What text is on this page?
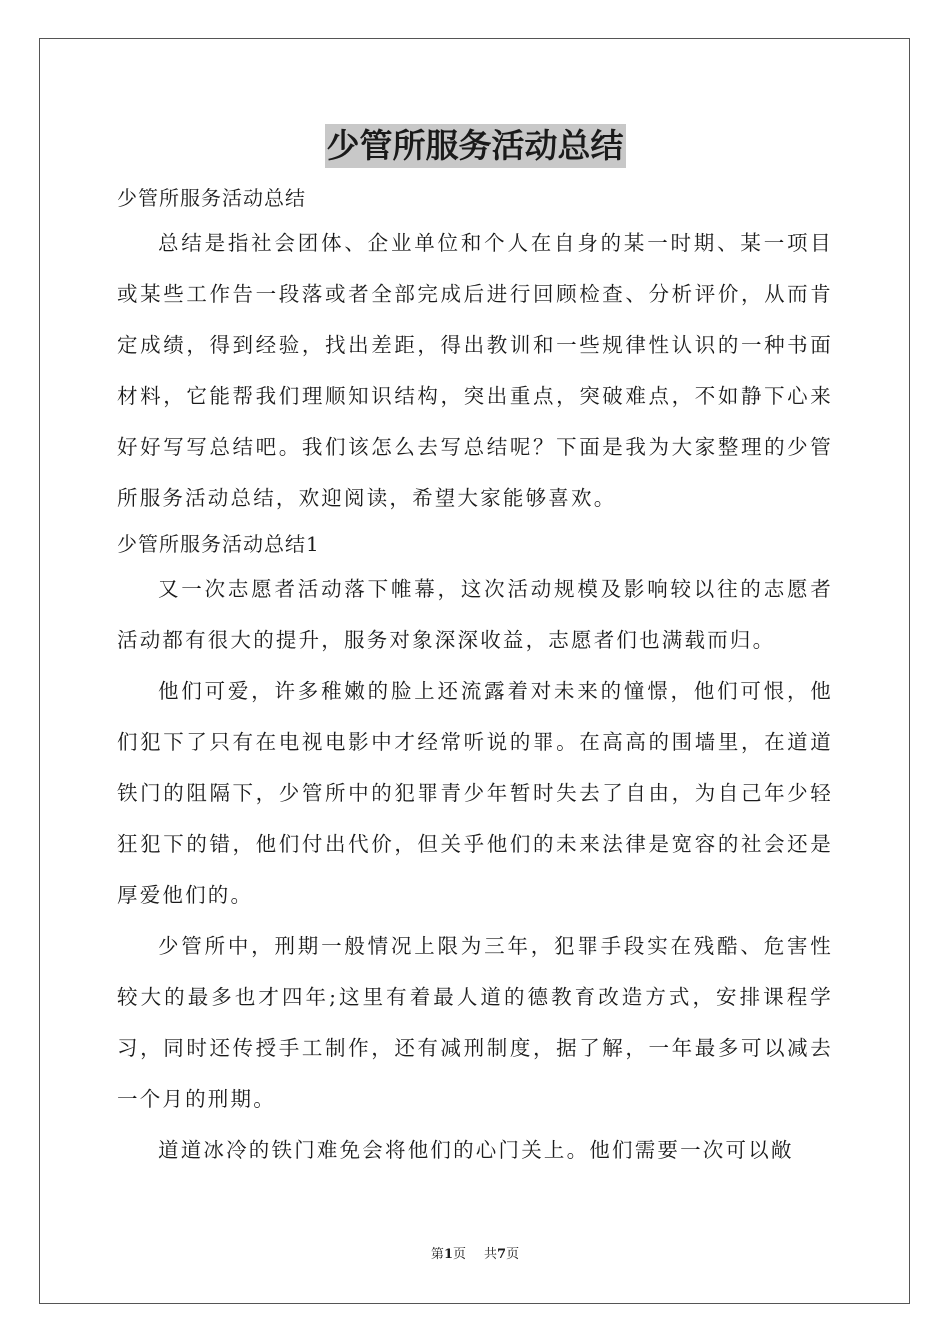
少管所服务活动总结

少管所服务活动总结

总结是指社会团体、企业单位和个人在自身的某一时期、某一项目或某些工作告一段落或者全部完成后进行回顾检查、分析评价，从而肯定成绩，得到经验，找出差距，得出教训和一些规律性认识的一种书面材料，它能帮我们理顺知识结构，突出重点，突破难点，不如静下心来好好写写总结吧。我们该怎么去写总结呢？下面是我为大家整理的少管所服务活动总结，欢迎阅读，希望大家能够喜欢。

少管所服务活动总结1

又一次志愿者活动落下帷幕，这次活动规模及影响较以往的志愿者活动都有很大的提升，服务对象深深收益，志愿者们也满载而归。

他们可爱，许多稚嫩的脸上还流露着对未来的憧憬，他们可恨，他们犯下了只有在电视电影中才经常听说的罪。在高高的围墙里，在道道铁门的阻隔下，少管所中的犯罪青少年暂时失去了自由，为自己年少轻狂犯下的错，他们付出代价，但关乎他们的未来法律是宽容的社会还是厚爱他们的。

少管所中，刑期一般情况上限为三年，犯罪手段实在残酷、危害性较大的最多也才四年;这里有着最人道的德教育改造方式，安排课程学习，同时还传授手工制作，还有减刑制度，据了解，一年最多可以减去一个月的刑期。

道道冰冷的铁门难免会将他们的心门关上。他们需要一次可以敞

第1页 共7页
